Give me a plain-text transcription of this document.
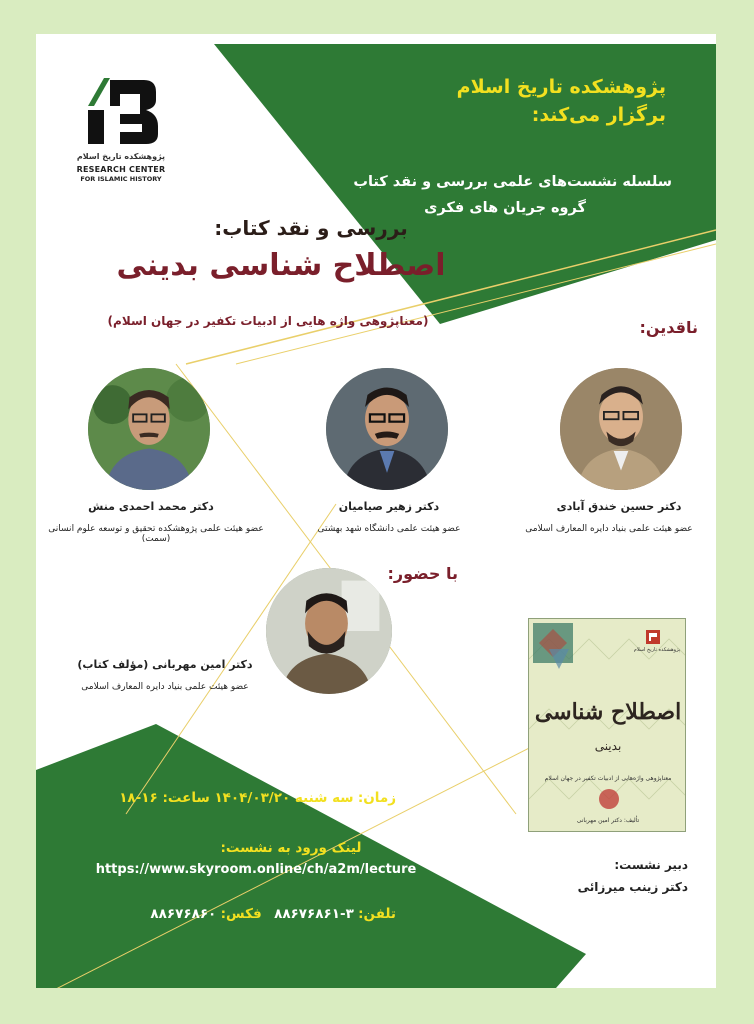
پژوهشکده تاریخ اسلام
RESEARCH CENTER
FOR ISLAMIC HISTORY
پژوهشکده تاریخ اسلام
برگزار می‌کند:
سلسله نشست‌های علمی بررسی و نقد کتاب
گروه جریان های فکری
بررسی و نقد کتاب:
اصطلاح شناسی بدینی
(معناپژوهی واژه هایی از ادبیات تکفیر در جهان اسلام)	ناقدین:
دکتر حسین خندق آبادی
عضو هیئت علمی بنیاد دایره المعارف اسلامی
دکتر زهیر صیامیان
عضو هیئت علمی دانشگاه شهد بهشتی
دکتر محمد احمدی منش
عضو هیئت علمی پژوهشکده تحقیق و توسعه علوم انسانی (سمت)
با حضور:
دکتر امین مهربانی (مؤلف کتاب)
عضو هیئت علمی بنیاد دایره المعارف اسلامی
زمان: سه شنبه ۱۴۰۴/۰۳/۲۰ ساعت: ۱۶-۱۸
لینک ورود به نشست:
https://www.skyroom.online/ch/a2m/lecture
تلفن: ۳-۸۸۶۷۶۸۶۱ فکس: ۸۸۶۷۶۸۶۰
پژوهشکده تاریخ اسلام
اصطلاح شناسی
بدینی
معناپژوهی واژه‌هایی از ادبیات تکفیر در جهان اسلام
تألیف: دکتر امین مهربانی
دبیر نشست:
دکتر زینب میرزائی
